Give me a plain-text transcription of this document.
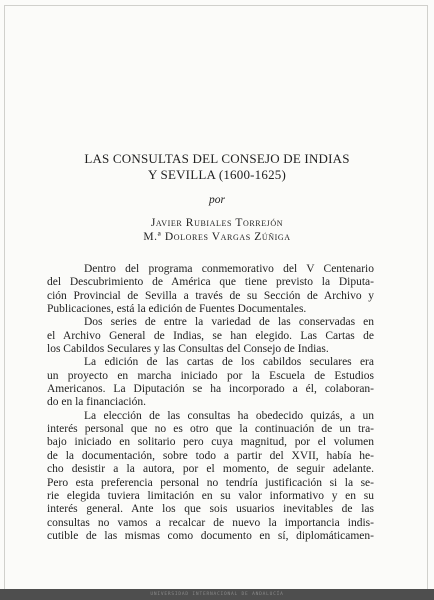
LAS CONSULTAS DEL CONSEJO DE INDIAS
Y SEVILLA (1600-1625)
por
Javier Rubiales Torrejón
M.ª Dolores Vargas Zúñiga
Dentro del programa conmemorativo del V Centenario
del Descubrimiento de América que tiene previsto la Diputa-
ción Provincial de Sevilla a través de su Sección de Archivo y
Publicaciones, está la edición de Fuentes Documentales.
Dos series de entre la variedad de las conservadas en
el Archivo General de Indias, se han elegido. Las Cartas de
los Cabildos Seculares y las Consultas del Consejo de Indias.
La edición de las cartas de los cabildos seculares era
un proyecto en marcha iniciado por la Escuela de Estudios
Americanos. La Diputación se ha incorporado a él, colaboran-
do en la financiación.
La elección de las consultas ha obedecido quizás, a un
interés personal que no es otro que la continuación de un tra-
bajo iniciado en solitario pero cuya magnitud, por el volumen
de la documentación, sobre todo a partir del XVII, había he-
cho desistir a la autora, por el momento, de seguir adelante.
Pero esta preferencia personal no tendría justificación si la se-
rie elegida tuviera limitación en su valor informativo y en su
interés general. Ante los que sois usuarios inevitables de las
consultas no vamos a recalcar de nuevo la importancia indis-
cutible de las mismas como documento en sí, diplomáticamen-
UNIVERSIDAD INTERNACIONAL DE ANDALUCÍA
